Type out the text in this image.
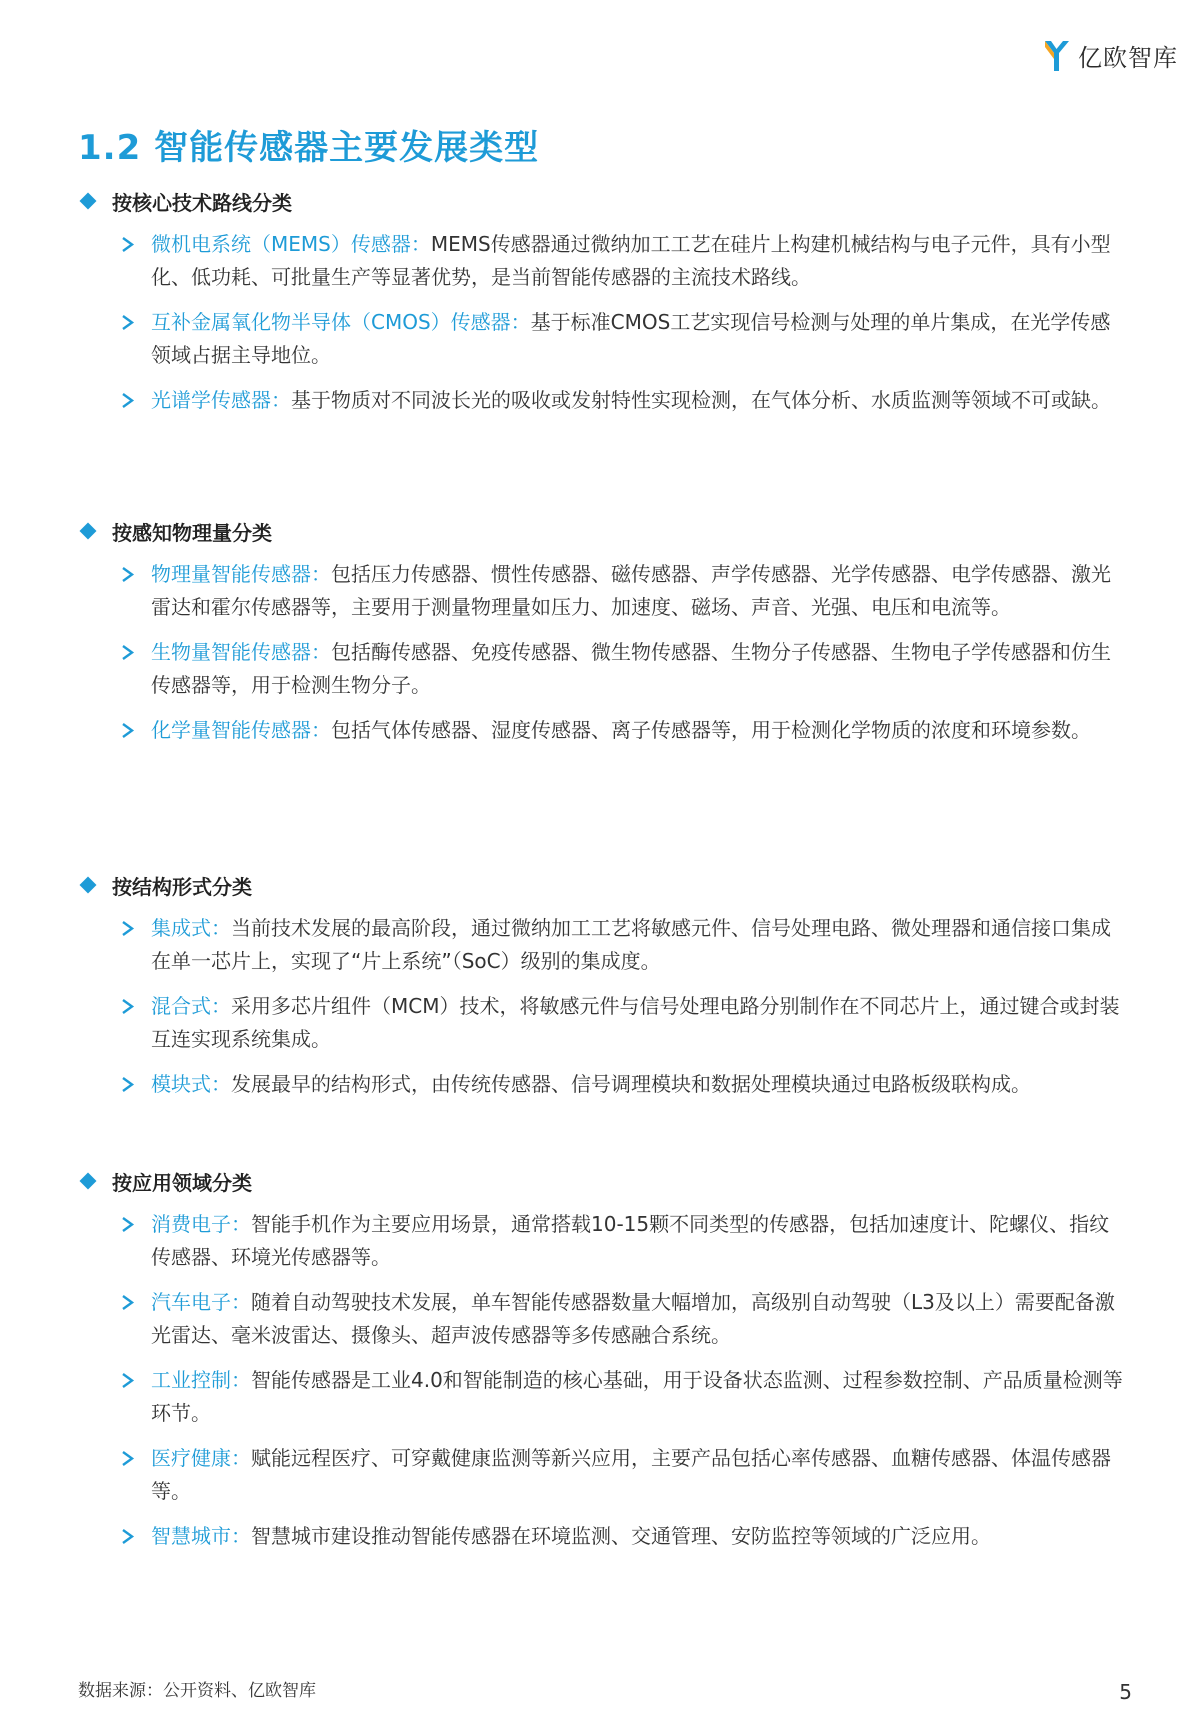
亿欧智库
1.2 智能传感器主要发展类型
按核心技术路线分类
微机电系统（MEMS）传感器：MEMS传感器通过微纳加工工艺在硅片上构建机械结构与电子元件，具有小型化、低功耗、可批量生产等显著优势，是当前智能传感器的主流技术路线。
互补金属氧化物半导体（CMOS）传感器：基于标准CMOS工艺实现信号检测与处理的单片集成，在光学传感领域占据主导地位。
光谱学传感器：基于物质对不同波长光的吸收或发射特性实现检测，在气体分析、水质监测等领域不可或缺。
按感知物理量分类
物理量智能传感器：包括压力传感器、惯性传感器、磁传感器、声学传感器、光学传感器、电学传感器、激光雷达和霍尔传感器等，主要用于测量物理量如压力、加速度、磁场、声音、光强、电压和电流等。
生物量智能传感器：包括酶传感器、免疫传感器、微生物传感器、生物分子传感器、生物电子学传感器和仿生传感器等，用于检测生物分子。
化学量智能传感器：包括气体传感器、湿度传感器、离子传感器等，用于检测化学物质的浓度和环境参数。
按结构形式分类
集成式：当前技术发展的最高阶段，通过微纳加工工艺将敏感元件、信号处理电路、微处理器和通信接口集成在单一芯片上，实现了“片上系统”（SoC）级别的集成度。
混合式：采用多芯片组件（MCM）技术，将敏感元件与信号处理电路分别制作在不同芯片上，通过键合或封装互连实现系统集成。
模块式：发展最早的结构形式，由传统传感器、信号调理模块和数据处理模块通过电路板级联构成。
按应用领域分类
消费电子：智能手机作为主要应用场景，通常搭载10-15颗不同类型的传感器，包括加速度计、陀螺仪、指纹传感器、环境光传感器等。
汽车电子：随着自动驾驶技术发展，单车智能传感器数量大幅增加，高级别自动驾驶（L3及以上）需要配备激光雷达、毫米波雷达、摄像头、超声波传感器等多传感融合系统。
工业控制：智能传感器是工业4.0和智能制造的核心基础，用于设备状态监测、过程参数控制、产品质量检测等环节。
医疗健康：赋能远程医疗、可穿戴健康监测等新兴应用，主要产品包括心率传感器、血糖传感器、体温传感器等。
智慧城市：智慧城市建设推动智能传感器在环境监测、交通管理、安防监控等领域的广泛应用。
数据来源：公开资料、亿欧智库	5
